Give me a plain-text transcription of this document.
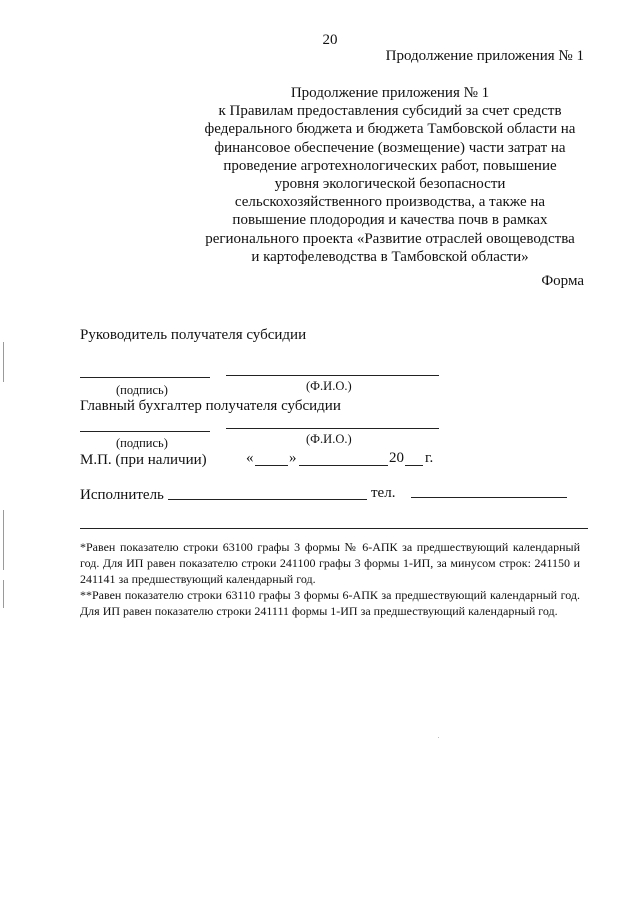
20
Продолжение приложения № 1
Продолжение приложения № 1
к Правилам предоставления субсидий за счет средств
федерального бюджета и бюджета Тамбовской области на
финансовое обеспечение (возмещение) части затрат на
проведение агротехнологических работ, повышение
уровня экологической безопасности
сельскохозяйственного производства, а также на
повышение плодородия и качества почв в рамках
регионального проекта «Развитие отраслей овощеводства
и картофелеводства в Тамбовской области»
Форма
Руководитель получателя субсидии
(подпись)	(Ф.И.О.)
Главный бухгалтер получателя субсидии
(подпись)	(Ф.И.О.)
М.П. (при наличии)	« »	20 г.
Исполнитель	тел.

*Равен показателю строки 63100 графы 3 формы № 6-АПК за предшествующий календарный год. Для ИП равен показателю строки 241100 графы 3 формы 1-ИП, за минусом строк: 241150 и 241141 за предшествующий календарный год.

**Равен показателю строки 63110 графы 3 формы 6-АПК за предшествующий календарный год. Для ИП равен показателю строки 241111 формы 1-ИП за предшествующий календарный год.
